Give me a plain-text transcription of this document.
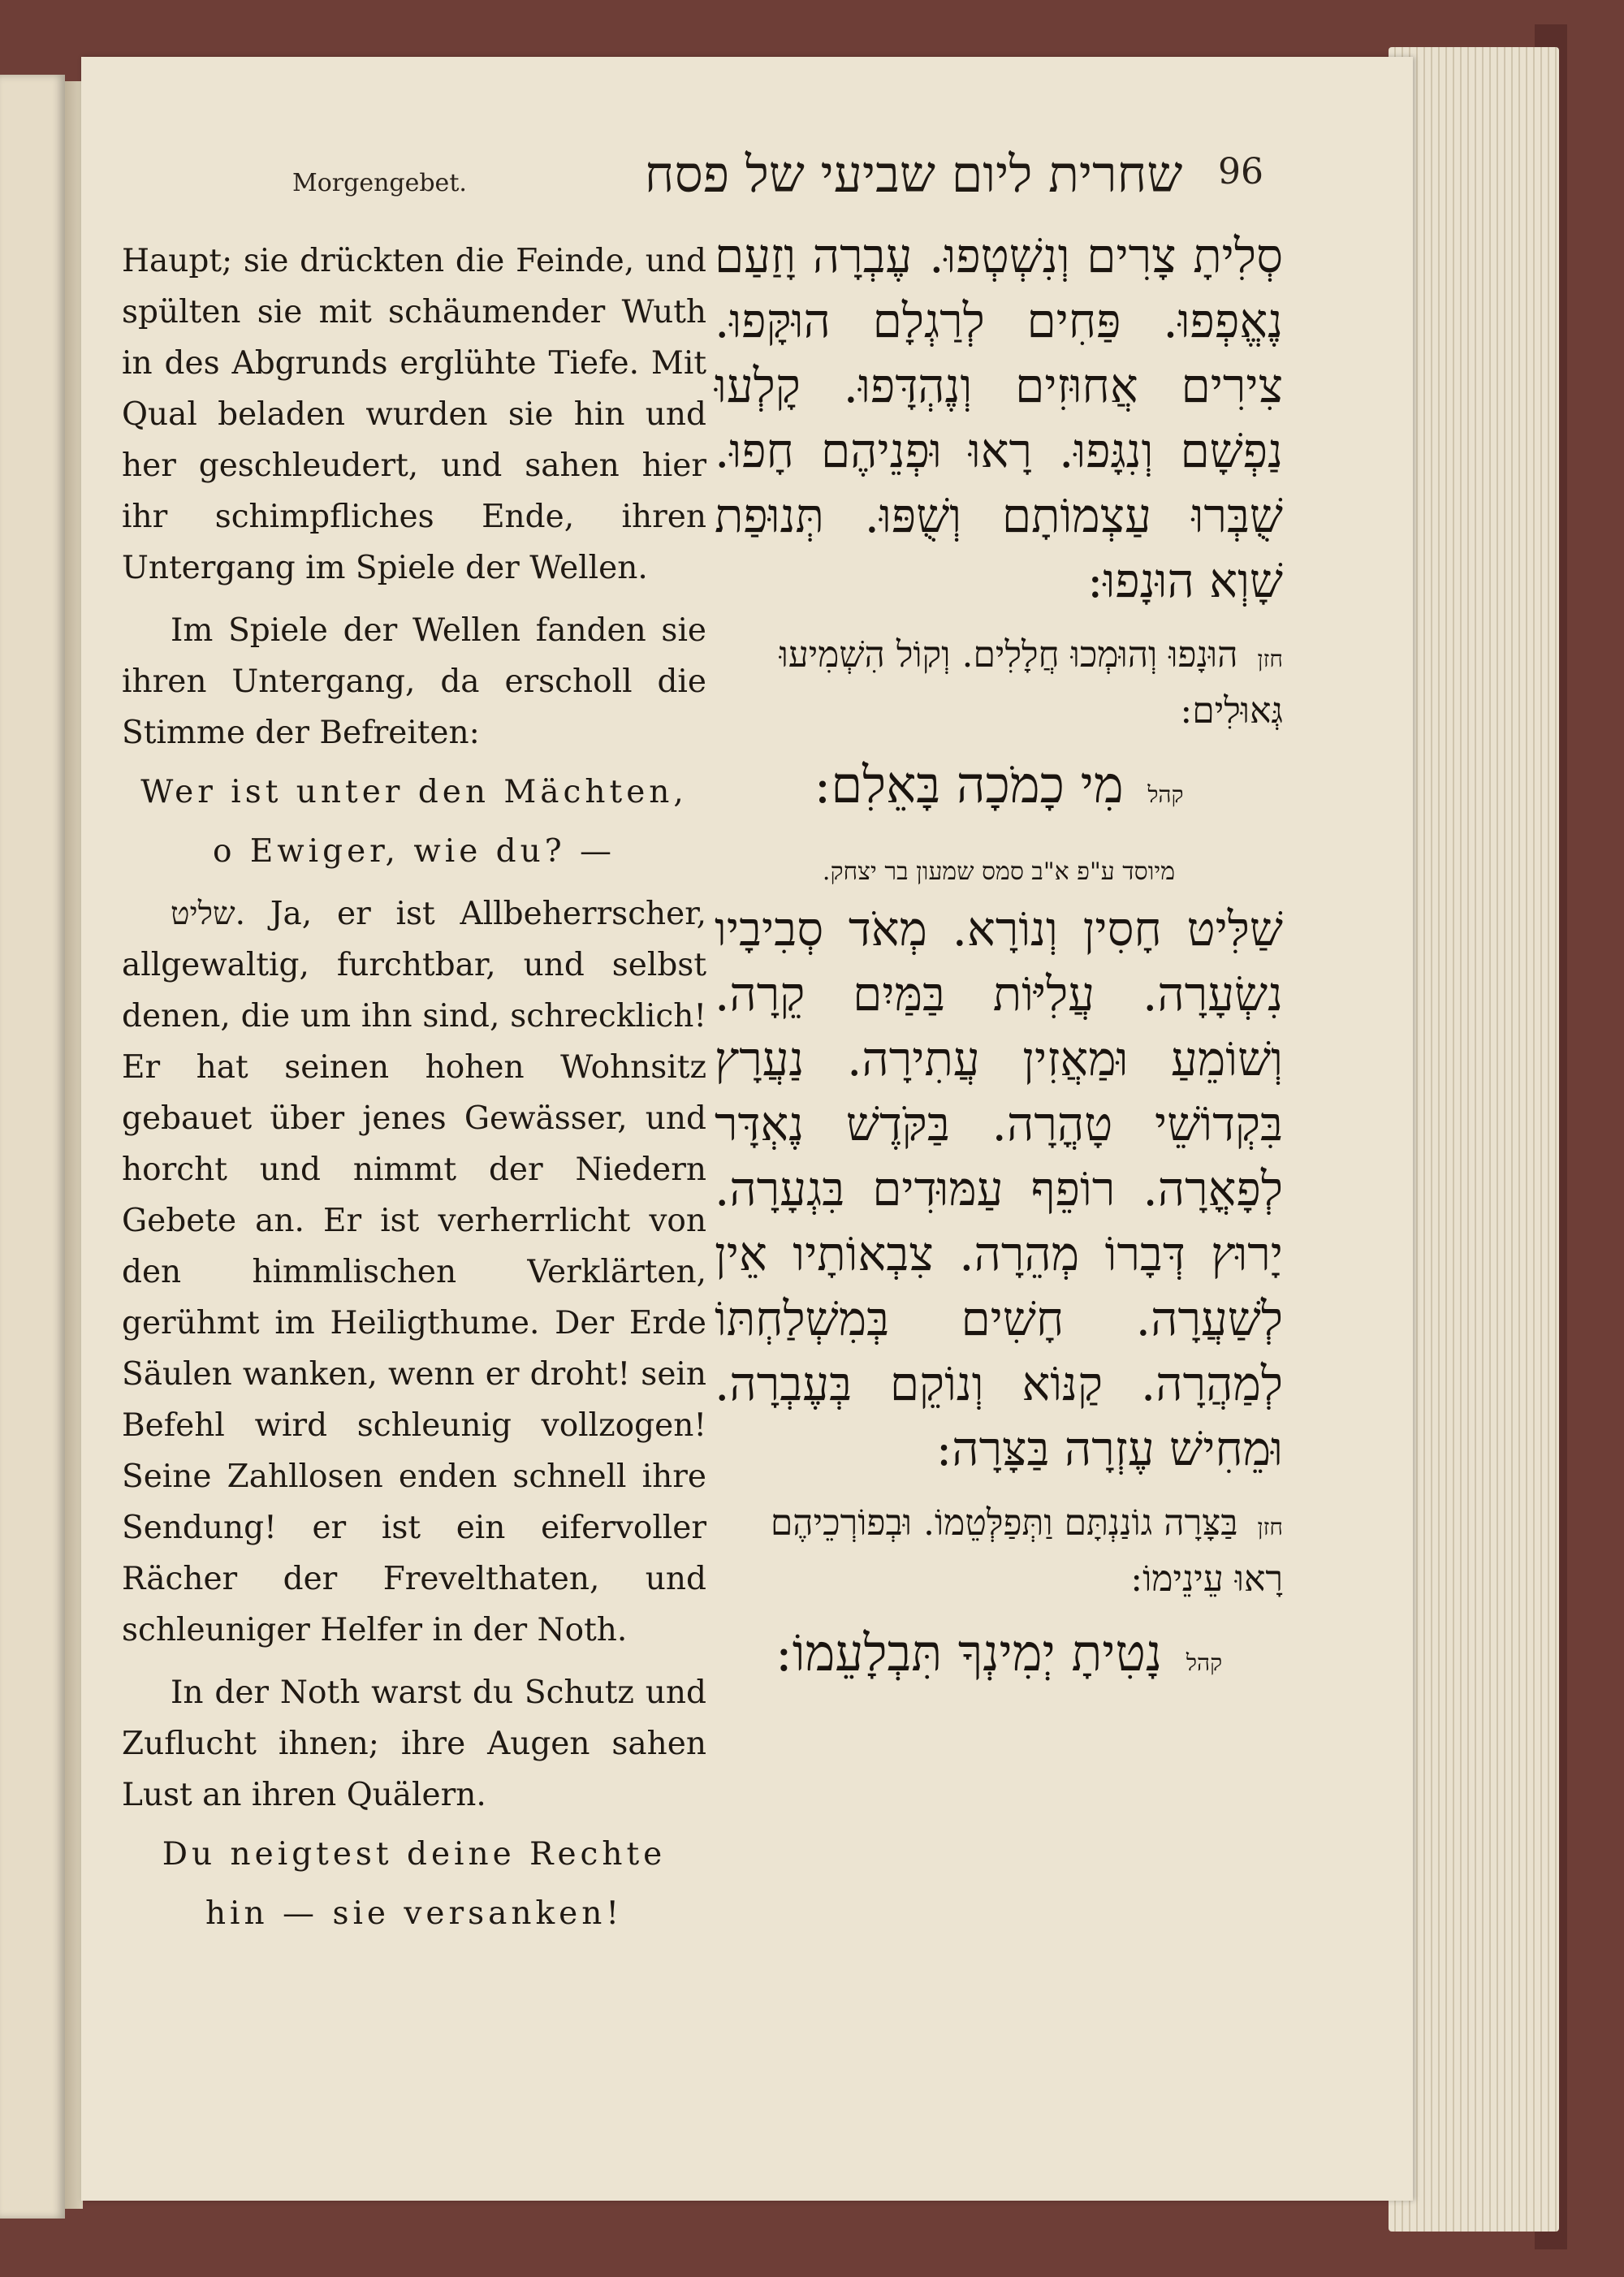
Morgengebet.	שחרית ליום שביעי של פסח 96

Haupt; sie drückten die Feinde, und spülten sie mit schäumender Wuth in des Abgrunds erglühte Tiefe. Mit Qual beladen wurden sie hin und her geschleudert, und sahen hier ihr schimpfliches Ende, ihren Untergang im Spiele der Wellen.

Im Spiele der Wellen fanden sie ihren Untergang, da erscholl die Stimme der Befreiten:

Wer ist unter den Mächten,

o Ewiger, wie du? —

שליט. Ja, er ist Allbeherrscher, allgewaltig, furchtbar, und selbst denen, die um ihn sind, schrecklich! Er hat seinen hohen Wohnsitz gebauet über jenes Gewässer, und horcht und nimmt der Niedern Gebete an. Er ist verherrlicht von den himmlischen Verklärten, gerühmt im Heiligthume. Der Erde Säulen wanken, wenn er droht! sein Befehl wird schleunig vollzogen! Seine Zahllosen enden schnell ihre Sendung! er ist ein eifervoller Rächer der Frevelthaten, und schleuniger Helfer in der Noth.

In der Noth warst du Schutz und Zuflucht ihnen; ihre Augen sahen Lust an ihren Quälern.

Du neigtest deine Rechte

hin — sie versanken!

סְלִיתָ צָרִים וְנִשְׁטְפוּ. עֶבְרָה וָזַעַם נֶאֱפְפוּ. פַּחִים לְרַגְלָם הוּקָּפוּ. צִירִים אֲחוּזִים וְנֶהְדָּפוּ. קָלְעוּ נַפְשָׁם וְנִגָּפוּ. רָאוּ וּפְנֵיהֶם חָפוּ. שֻׁבְּרוּ עַצְמוֹתָם וְשֻׁפּוּ. תְּנוּפַת שָׁוְא הוּנָפוּ:

חזן הוּנָפוּ וְהוּמְכוּ חֲלָלִים. וְקוֹל הִשְׁמִיעוּ גְּאוּלִים:

קהל מִי כָמֹכָה בָּאֵלִם:

מיוסד ע"פ א"ב סמס שמעון בר יצחק.

שַׁלִּיט חָסִין וְנוֹרָא. מְאֹד סְבִיבָיו נִשְׂעָרָה. עֲלִיּוֹת בַּמַּיִם קֵרָה. וְשׁוֹמֵעַ וּמַאֲזִין עֲתִירָה. נַעֲרָץ בִּקְדוֹשֵׁי טָהֳרָה. בַּקֹּדֶשׁ נֶאְדָּר לְפָאֳרָה. רוֹפֵף עַמּוּדִים בִּגְעָרָה. יָרוּץ דְּבָרוֹ מְהֵרָה. צִבְאוֹתָיו אֵין לְשַׁעֲרָה. חָשִׁים בְּמִשְׁלַחְתּוֹ לְמַהֲרָה. קַנּוֹא וְנוֹקֵם בְּעֶבְרָה. וּמֵחִישׁ עֶזְרָה בַּצָּרָה:

חזן בַּצָּרָה גוֹנַנְתָּם וַתְּפַלְּטֵמוֹ. וּבְפוֹרְכֵיהֶם רָאוּ עֵינֵימוֹ:

קהל נָטִיתָ יְמִינְךָ תִּבְלָעֵמוֹ:
